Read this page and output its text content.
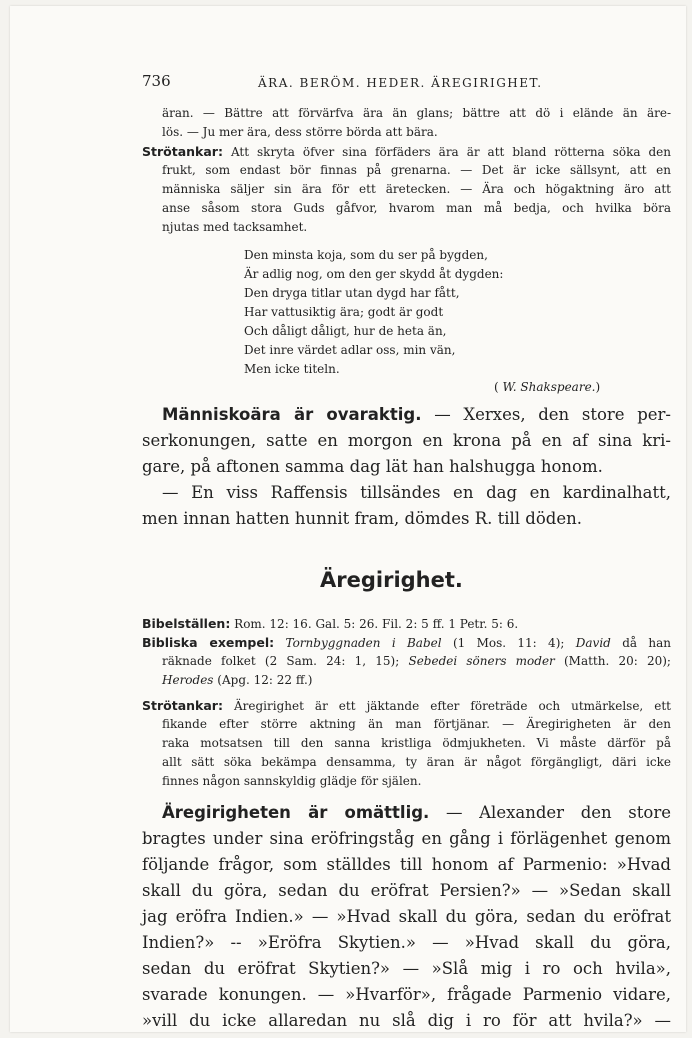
736	ÄRA. BERÖM. HEDER. ÄREGIRIGHET.
äran. — Bättre att förvärfva ära än glans; bättre att dö i elände än äre-
lös. — Ju mer ära, dess större börda att bära.
Strötankar: Att skryta öfver sina förfäders ära är att bland rötterna söka den
frukt, som endast bör finnas på grenarna. — Det är icke sällsynt, att en
människa säljer sin ära för ett äretecken. — Ära och högaktning äro att
anse såsom stora Guds gåfvor, hvarom man må bedja, och hvilka böra
njutas med tacksamhet.
Den minsta koja, som du ser på bygden,
Är adlig nog, om den ger skydd åt dygden:
Den dryga titlar utan dygd har fått,
Har vattusiktig ära; godt är godt
Och dåligt dåligt, hur de heta än,
Det inre värdet adlar oss, min vän,
Men icke titeln.
( W. Shakspeare.)
Människoära är ovaraktig. — Xerxes, den store per-
serkonungen, satte en morgon en krona på en af sina kri-
gare, på aftonen samma dag lät han halshugga honom.
— En viss Raffensis tillsändes en dag en kardinalhatt,
men innan hatten hunnit fram, dömdes R. till döden.
Äregirighet.
Bibelställen: Rom. 12: 16. Gal. 5: 26. Fil. 2: 5 ff. 1 Petr. 5: 6.
Bibliska exempel: Tornbyggnaden i Babel (1 Mos. 11: 4); David då han
räknade folket (2 Sam. 24: 1, 15); Sebedei söners moder (Matth. 20: 20);
Herodes (Apg. 12: 22 ff.)
Strötankar: Äregirighet är ett jäktande efter företräde och utmärkelse, ett
fikande efter större aktning än man förtjänar. — Äregirigheten är den
raka motsatsen till den sanna kristliga ödmjukheten. Vi måste därför på
allt sätt söka bekämpa densamma, ty äran är något förgängligt, däri icke
finnes någon sannskyldig glädje för själen.
Äregirigheten är omättlig. — Alexander den store
bragtes under sina eröfringståg en gång i förlägenhet genom
följande frågor, som ställdes till honom af Parmenio: »Hvad
skall du göra, sedan du eröfrat Persien?» — »Sedan skall
jag eröfra Indien.» — »Hvad skall du göra, sedan du eröfrat
Indien?» -- »Eröfra Skytien.» — »Hvad skall du göra,
sedan du eröfrat Skytien?» — »Slå mig i ro och hvila»,
svarade konungen. — »Hvarför», frågade Parmenio vidare,
»vill du icke allaredan nu slå dig i ro för att hvila?» —
